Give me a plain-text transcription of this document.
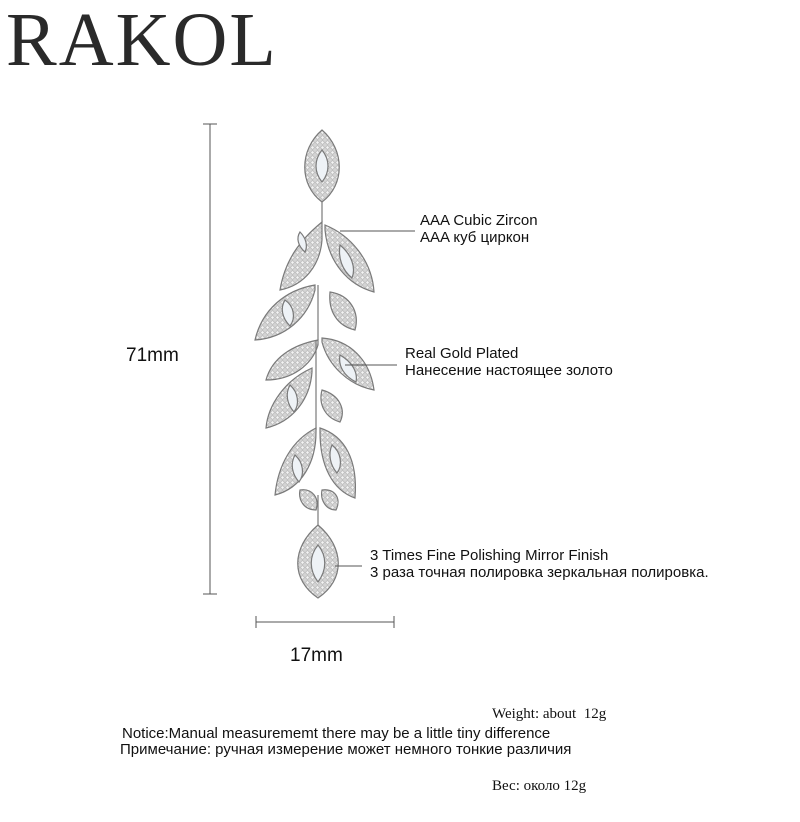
RAKOL
71mm
17mm
AAA Cubic Zircon
AAA куб циркон
Real Gold Plated
Нанесение настоящее золото
3 Times Fine Polishing Mirror Finish
3 раза точная полировка зеркальная полировка.

Weight: about  12g

Вес: около 12g

Notice:Manual measurememt there may be a little tiny difference
Примечание: ручная измерение может немного тонкие различия
